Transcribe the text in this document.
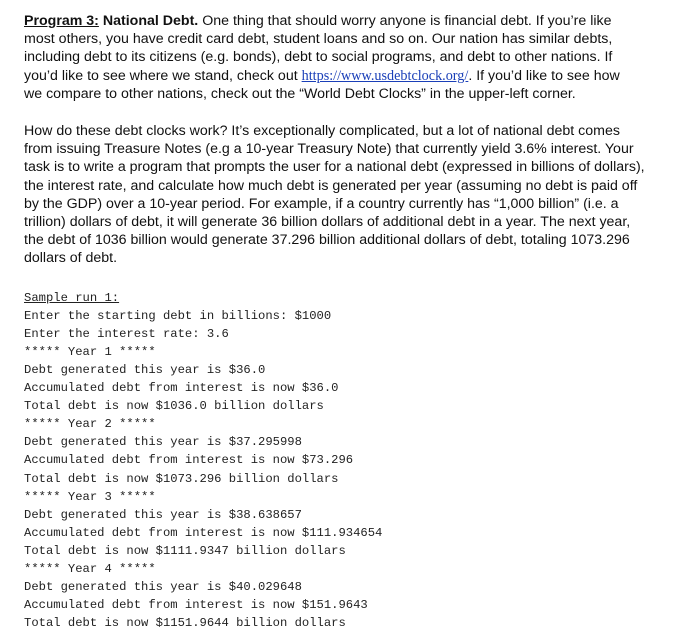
Program 3: National Debt. One thing that should worry anyone is financial debt. If you’re like
most others, you have credit card debt, student loans and so on. Our nation has similar debts,
including debt to its citizens (e.g. bonds), debt to social programs, and debt to other nations. If
you’d like to see where we stand, check out https://www.usdebtclock.org/. If you’d like to see how
we compare to other nations, check out the “World Debt Clocks” in the upper-left corner.

How do these debt clocks work? It’s exceptionally complicated, but a lot of national debt comes
from issuing Treasure Notes (e.g a 10-year Treasury Note) that currently yield 3.6% interest. Your
task is to write a program that prompts the user for a national debt (expressed in billions of dollars),
the interest rate, and calculate how much debt is generated per year (assuming no debt is paid off
by the GDP) over a 10-year period. For example, if a country currently has “1,000 billion” (i.e. a
trillion) dollars of debt, it will generate 36 billion dollars of additional debt in a year. The next year,
the debt of 1036 billion would generate 37.296 billion additional dollars of debt, totaling 1073.296
dollars of debt.

Sample run 1:
Enter the starting debt in billions: $1000
Enter the interest rate: 3.6
***** Year 1 *****
Debt generated this year is $36.0
Accumulated debt from interest is now $36.0
Total debt is now $1036.0 billion dollars
***** Year 2 *****
Debt generated this year is $37.295998
Accumulated debt from interest is now $73.296
Total debt is now $1073.296 billion dollars
***** Year 3 *****
Debt generated this year is $38.638657
Accumulated debt from interest is now $111.934654
Total debt is now $1111.9347 billion dollars
***** Year 4 *****
Debt generated this year is $40.029648
Accumulated debt from interest is now $151.9643
Total debt is now $1151.9644 billion dollars
